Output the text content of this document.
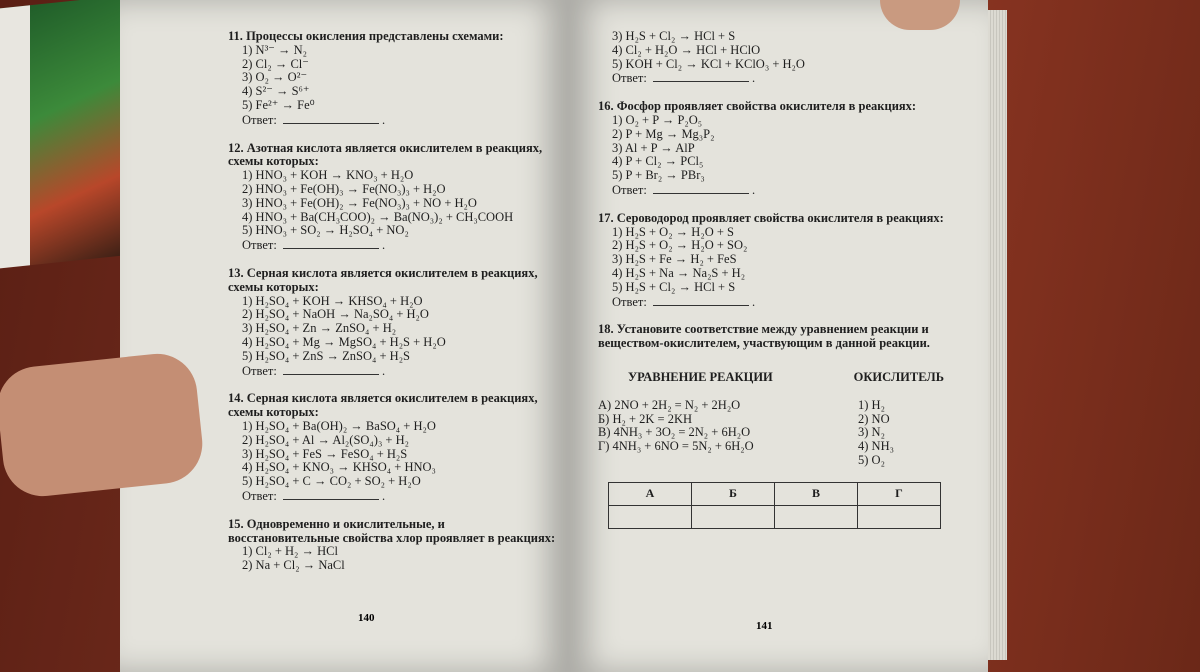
11. Процессы окисления представлены схемами:
1) N³⁻ → N₂
2) Cl₂ → Cl⁻
3) O₂ → O²⁻
4) S²⁻ → S⁶⁺
5) Fe²⁺ → Fe⁰
Ответ:	.
12. Азотная кислота является окислителем в реакциях, схемы которых:
1) HNO₃ + KOH → KNO₃ + H₂O
2) HNO₃ + Fe(OH)₃ → Fe(NO₃)₃ + H₂O
3) HNO₃ + Fe(OH)₂ → Fe(NO₃)₃ + NO + H₂O
4) HNO₃ + Ba(CH₃COO)₂ → Ba(NO₃)₂ + CH₃COOH
5) HNO₃ + SO₂ → H₂SO₄ + NO₂
Ответ:	.
13. Серная кислота является окислителем в реакциях, схемы которых:
1) H₂SO₄ + KOH → KHSO₄ + H₂O
2) H₂SO₄ + NaOH → Na₂SO₄ + H₂O
3) H₂SO₄ + Zn → ZnSO₄ + H₂
4) H₂SO₄ + Mg → MgSO₄ + H₂S + H₂O
5) H₂SO₄ + ZnS → ZnSO₄ + H₂S
Ответ:	.
14. Серная кислота является окислителем в реакциях, схемы которых:
1) H₂SO₄ + Ba(OH)₂ → BaSO₄ + H₂O
2) H₂SO₄ + Al → Al₂(SO₄)₃ + H₂
3) H₂SO₄ + FeS → FeSO₄ + H₂S
4) H₂SO₄ + KNO₃ → KHSO₄ + HNO₃
5) H₂SO₄ + C → CO₂ + SO₂ + H₂O
Ответ:	.
15. Одновременно и окислительные, и восстановительные свойства хлор проявляет в реакциях:
1) Cl₂ + H₂ → HCl
2) Na + Cl₂ → NaCl
140
3) H₂S + Cl₂ → HCl + S
4) Cl₂ + H₂O → HCl + HClO
5) KOH + Cl₂ → KCl + KClO₃ + H₂O
Ответ:	.
16. Фосфор проявляет свойства окислителя в реакциях:
1) O₂ + P → P₂O₅
2) P + Mg → Mg₃P₂
3) Al + P → AlP
4) P + Cl₂ → PCl₅
5) P + Br₂ → PBr₃
Ответ:	.
17. Сероводород проявляет свойства окислителя в реакциях:
1) H₂S + O₂ → H₂O + S
2) H₂S + O₂ → H₂O + SO₂
3) H₂S + Fe → H₂ + FeS
4) H₂S + Na → Na₂S + H₂
5) H₂S + Cl₂ → HCl + S
Ответ:	.
18. Установите соответствие между уравнением реакции и веществом-окислителем, участвующим в данной реакции.
УРАВНЕНИЕ РЕАКЦИИ	ОКИСЛИТЕЛЬ
А) 2NO + 2H₂ = N₂ + 2H₂O
Б) H₂ + 2K = 2KH
В) 4NH₃ + 3O₂ = 2N₂ + 6H₂O
Г) 4NH₃ + 6NO = 5N₂ + 6H₂O
1) H₂
2) NO
3) N₂
4) NH₃
5) O₂
А	Б	В	Г

141
